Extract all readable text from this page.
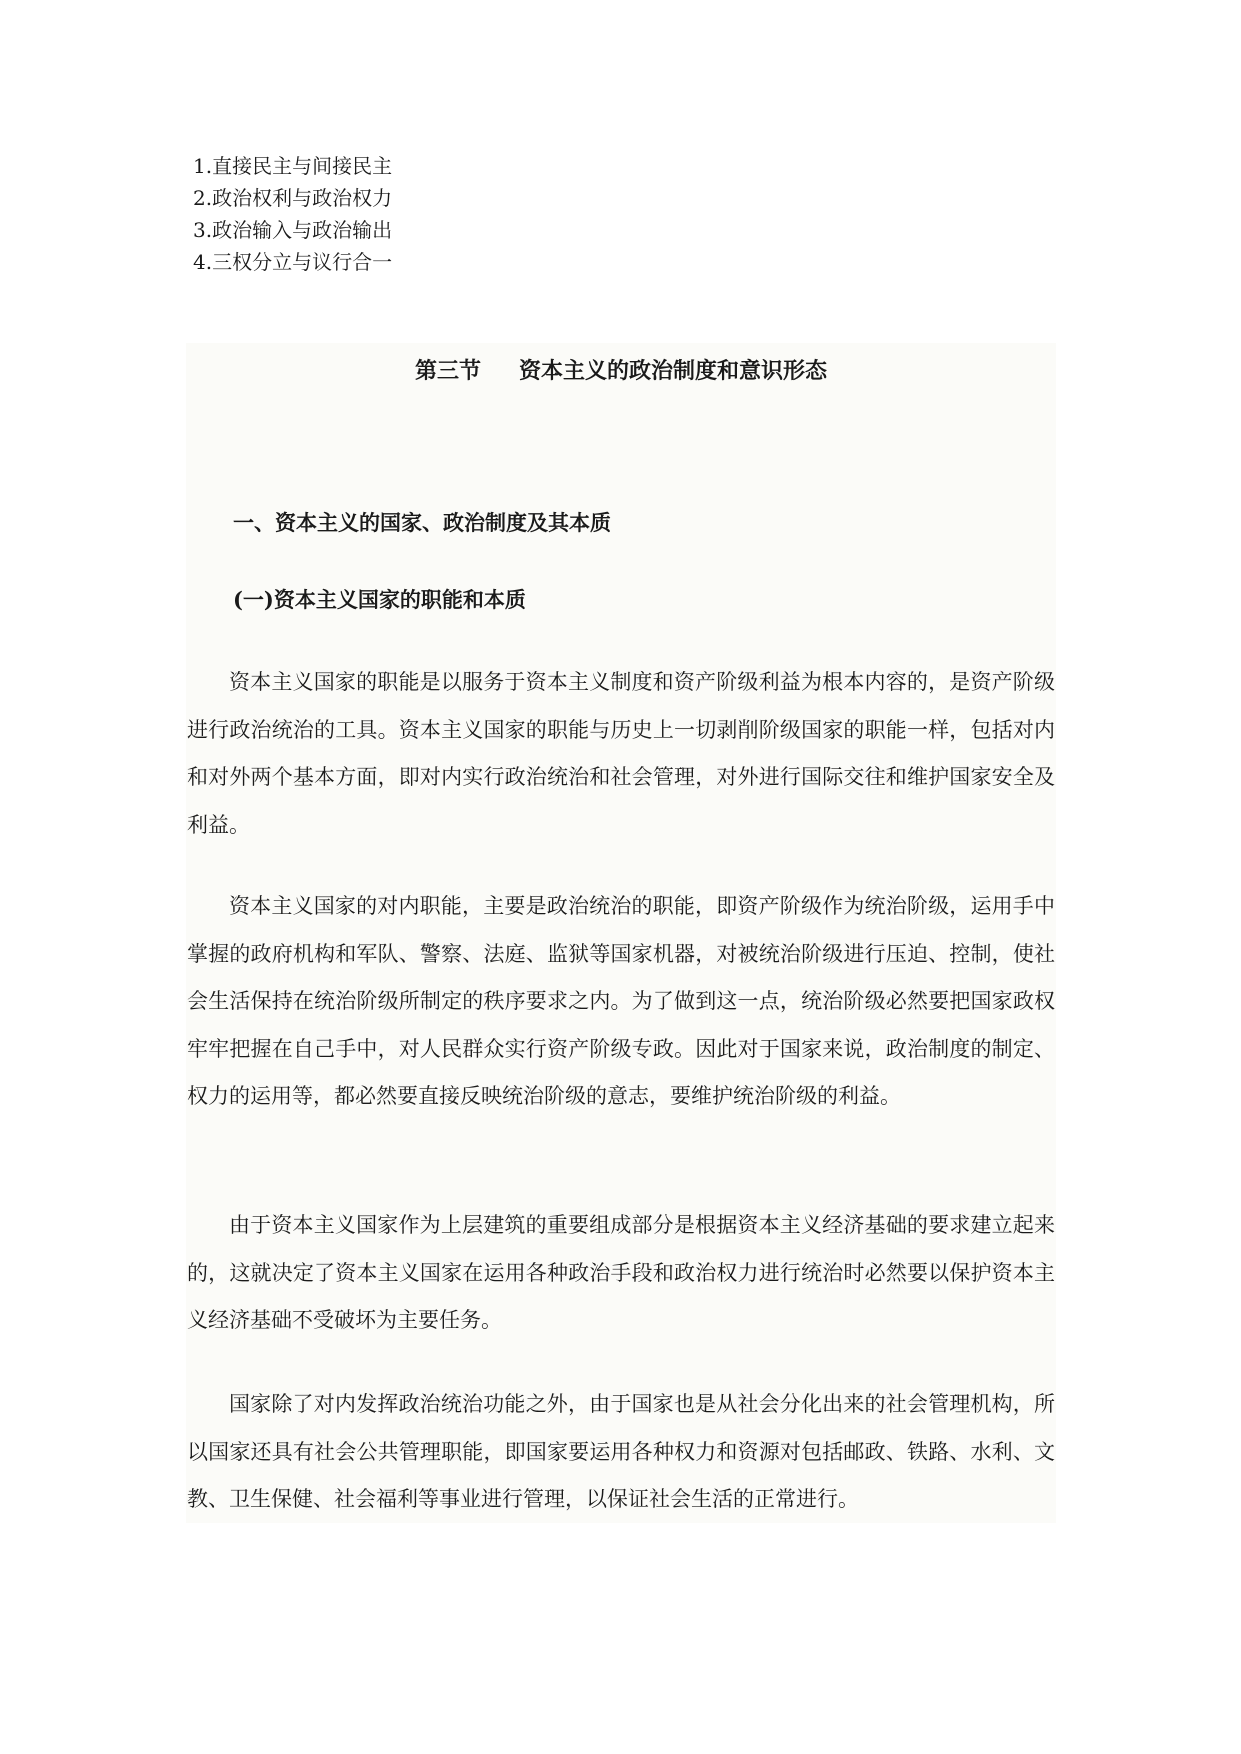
1.直接民主与间接民主
2.政治权利与政治权力
3.政治输入与政治输出
4.三权分立与议行合一
第三节 资本主义的政治制度和意识形态
一、资本主义的国家、政治制度及其本质
(一)资本主义国家的职能和本质

资本主义国家的职能是以服务于资本主义制度和资产阶级利益为根本内容的，是资产阶级进行政治统治的工具。资本主义国家的职能与历史上一切剥削阶级国家的职能一样，包括对内和对外两个基本方面，即对内实行政治统治和社会管理，对外进行国际交往和维护国家安全及利益。

资本主义国家的对内职能，主要是政治统治的职能，即资产阶级作为统治阶级，运用手中掌握的政府机构和军队、警察、法庭、监狱等国家机器，对被统治阶级进行压迫、控制，使社会生活保持在统治阶级所制定的秩序要求之内。为了做到这一点，统治阶级必然要把国家政权牢牢把握在自己手中，对人民群众实行资产阶级专政。因此对于国家来说，政治制度的制定、权力的运用等，都必然要直接反映统治阶级的意志，要维护统治阶级的利益。

由于资本主义国家作为上层建筑的重要组成部分是根据资本主义经济基础的要求建立起来的，这就决定了资本主义国家在运用各种政治手段和政治权力进行统治时必然要以保护资本主义经济基础不受破坏为主要任务。

国家除了对内发挥政治统治功能之外，由于国家也是从社会分化出来的社会管理机构，所以国家还具有社会公共管理职能，即国家要运用各种权力和资源对包括邮政、铁路、水利、文教、卫生保健、社会福利等事业进行管理，以保证社会生活的正常进行。
